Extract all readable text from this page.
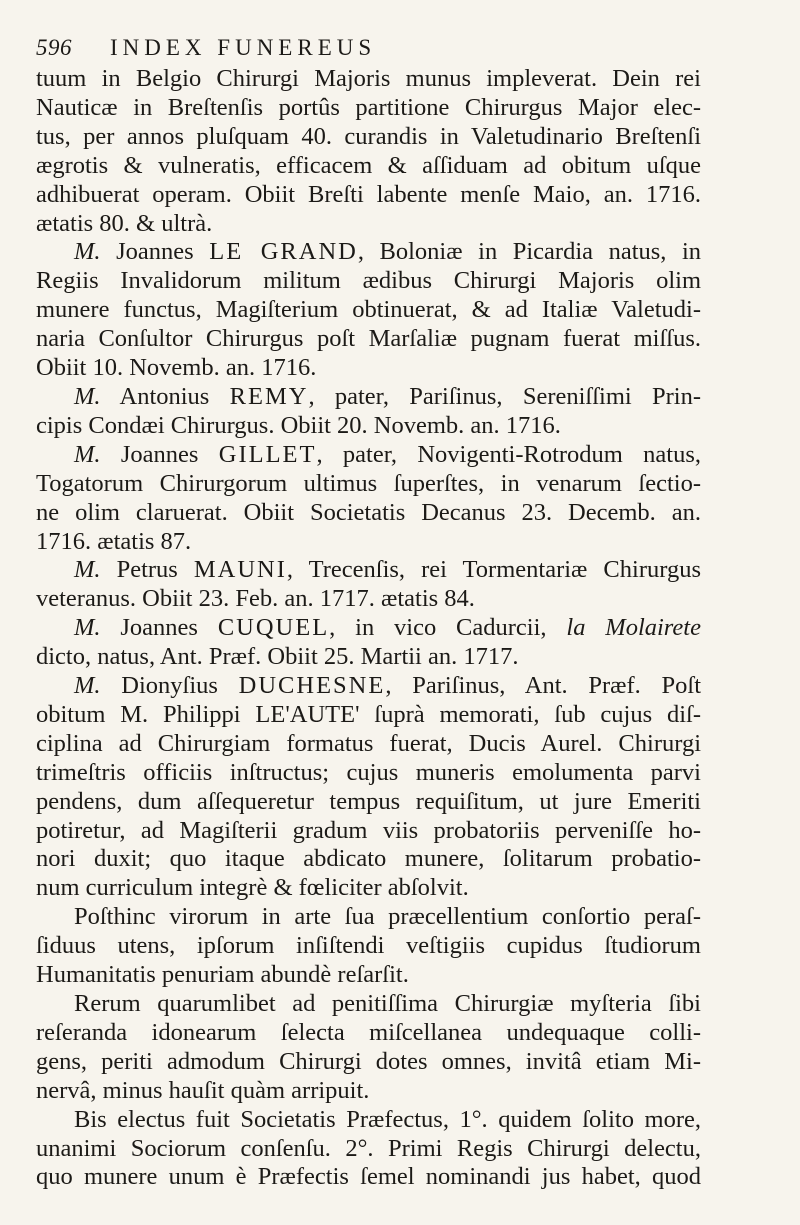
596 INDEX FUNEREUS
tuum in Belgio Chirurgi Majoris munus impleverat. Dein rei
Nauticæ in Breſtenſis portûs partitione Chirurgus Major elec-
tus, per annos pluſquam 40. curandis in Valetudinario Breſtenſi
ægrotis & vulneratis, efficacem & aſſiduam ad obitum uſque
adhibuerat operam. Obiit Breſti labente menſe Maio, an. 1716.
ætatis 80. & ultrà.
M. Joannes LE GRAND, Boloniæ in Picardia natus, in
Regiis Invalidorum militum ædibus Chirurgi Majoris olim
munere functus, Magiſterium obtinuerat, & ad Italiæ Valetudi-
naria Conſultor Chirurgus poſt Marſaliæ pugnam fuerat miſſus.
Obiit 10. Novemb. an. 1716.
M. Antonius REMY, pater, Pariſinus, Sereniſſimi Prin-
cipis Condæi Chirurgus. Obiit 20. Novemb. an. 1716.
M. Joannes GILLET, pater, Novigenti-Rotrodum natus,
Togatorum Chirurgorum ultimus ſuperſtes, in venarum ſectio-
ne olim claruerat. Obiit Societatis Decanus 23. Decemb. an.
1716. ætatis 87.
M. Petrus MAUNI, Trecenſis, rei Tormentariæ Chirurgus
veteranus. Obiit 23. Feb. an. 1717. ætatis 84.
M. Joannes CUQUEL, in vico Cadurcii, la Molairete
dicto, natus, Ant. Præf. Obiit 25. Martii an. 1717.
M. Dionyſius DUCHESNE, Pariſinus, Ant. Præf. Poſt
obitum M. Philippi LE'AUTE' ſuprà memorati, ſub cujus diſ-
ciplina ad Chirurgiam formatus fuerat, Ducis Aurel. Chirurgi
trimeſtris officiis inſtructus; cujus muneris emolumenta parvi
pendens, dum aſſequeretur tempus requiſitum, ut jure Emeriti
potiretur, ad Magiſterii gradum viis probatoriis perveniſſe ho-
nori duxit; quo itaque abdicato munere, ſolitarum probatio-
num curriculum integrè & fœliciter abſolvit.
Poſthinc virorum in arte ſua præcellentium conſortio peraſ-
ſiduus utens, ipſorum inſiſtendi veſtigiis cupidus ſtudiorum
Humanitatis penuriam abundè reſarſit.
Rerum quarumlibet ad penitiſſima Chirurgiæ myſteria ſibi
reſeranda idonearum ſelecta miſcellanea undequaque colli-
gens, periti admodum Chirurgi dotes omnes, invitâ etiam Mi-
nervâ, minus hauſit quàm arripuit.
Bis electus fuit Societatis Præfectus, 1°. quidem ſolito more,
unanimi Sociorum conſenſu. 2°. Primi Regis Chirurgi delectu,
quo munere unum è Præfectis ſemel nominandi jus habet, quod
